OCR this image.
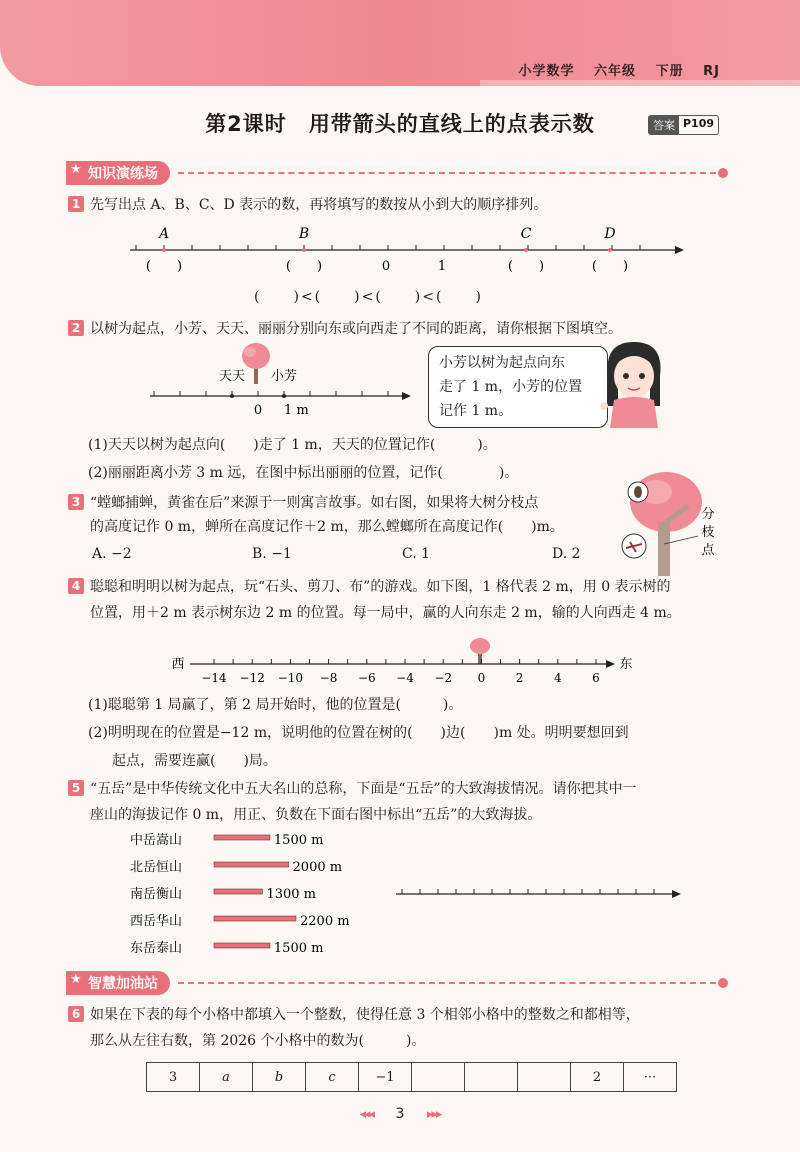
小学数学 六年级 下册 RJ
第2课时 用带箭头的直线上的点表示数	答案 P109
★ 知识演练场
1 先写出点 A、B、C、D 表示的数，再将填写的数按从小到大的顺序排列。
A	B	C	D
0	1
(　　)	(　　)	(　　)	(　　)
(　　)<(　　)<(　　)<(　　)
2 以树为起点，小芳、天天、丽丽分别向东或向西走了不同的距离，请你根据下图填空。
天天 小芳
0 1 m
小芳以树为起点向东
走了 1 m，小芳的位置
记作 1 m。
(1)天天以树为起点向(　　)走了 1 m，天天的位置记作(　　　)。
(2)丽丽距离小芳 3 m 远，在图中标出丽丽的位置，记作(　　　　)。
3 “螳螂捕蝉，黄雀在后”来源于一则寓言故事。如右图，如果将大树分枝点
的高度记作 0 m，蝉所在高度记作＋2 m，那么螳螂所在高度记作(　　)m。
A. −2	B. −1	C. 1	D. 2
分
枝
点
4 聪聪和明明以树为起点，玩“石头、剪刀、布”的游戏。如下图，1 格代表 2 m，用 0 表示树的
位置，用＋2 m 表示树东边 2 m 的位置。每一局中，赢的人向东走 2 m，输的人向西走 4 m。
西	东
−14 −12 −10 −8 −6 −4 −2 0	2	4	6
(1)聪聪第 1 局赢了，第 2 局开始时，他的位置是(　　　)。
(2)明明现在的位置是−12 m，说明他的位置在树的(　　)边(　　)m 处。明明要想回到
起点，需要连赢(　　)局。
5 “五岳”是中华传统文化中五大名山的总称，下面是“五岳”的大致海拔情况。请你把其中一
座山的海拔记作 0 m，用正、负数在下面右图中标出“五岳”的大致海拔。
中岳嵩山	1500 m
北岳恒山	2000 m
南岳衡山	1300 m
西岳华山	2200 m
东岳泰山	1500 m
★ 智慧加油站
6 如果在下表的每个小格中都填入一个整数，使得任意 3 个相邻小格中的整数之和都相等，
那么从左往右数，第 2026 个小格中的数为(　　　)。
3	a	b	c	−1				2	···
◂◂◂ 3 ▸▸▸
